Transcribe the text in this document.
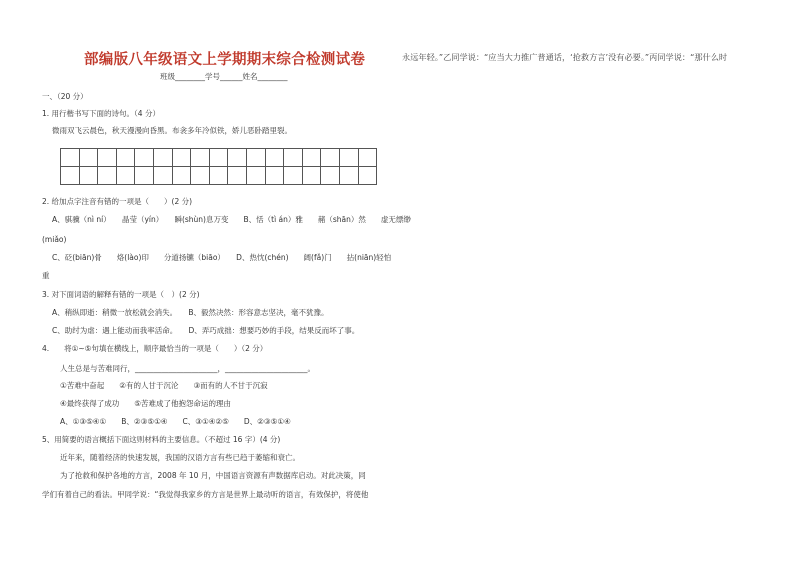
部编版八年级语文上学期期末综合检测试卷	永远年轻。”乙同学说：“应当大力推广普通话，‘抢救方言’没有必要。”丙同学说：“那什么时
班级________学号______姓名________
一、（20 分）
1. 用行楷书写下面的诗句。（4 分）
微雨双飞云晨色，秋天漫漫向昏黑。布衾多年冷似铁，娇儿恶卧踏里裂。
2. 给加点字注音有错的一项是（　　）(2 分)
A、骐骥（nì ní）　　晶莹（yín）　　瞬(shùn)息万变　　B、恬（tì án）雅　　赭（shān）然　　虚无缥缈
(miǎo)
C、砭(biān)骨　　烙(lào)印　　分道扬镳（biāo）　　D、热忱(chén)　　阔(fǎ)门　　拈(niān)轻怕
重
3. 对下面词语的解释有错的一项是（　）(2 分)
A、稍纵即逝：稍微一放松就会消失。　　B、毅然决然：形容意志坚决，毫不犹豫。
C、助纣为虐：遇上能动而我率活命。　　D、弄巧成拙：想要巧妙的手段，结果反而坏了事。
4.　　将①~⑤句填在横线上，顺序最恰当的一项是（　　）（2 分）
人生总是与苦难同行，______________________，______________________。
①苦难中奋起　　②有的人甘于沉沦　　③而有的人不甘于沉寂
④最终获得了成功　　⑤苦难成了他抱怨命运的理由
A、①③⑤④①　　B、②③⑤①④　　C、③①④②⑤　　D、②③⑤①④
5、用简要的语言概括下面这则材料的主要信息。（不超过 16 字）(4 分)
近年来，随着经济的快速发展，我国的汉语方言有些已趋于萎缩和衰亡。
为了抢救和保护各地的方言，2008 年 10 月，中国语言资源有声数据库启动。对此决策，同
学们有着自己的看法。甲同学说：“我觉得我家乡的方言是世界上最动听的语言，有效保护，将使他
